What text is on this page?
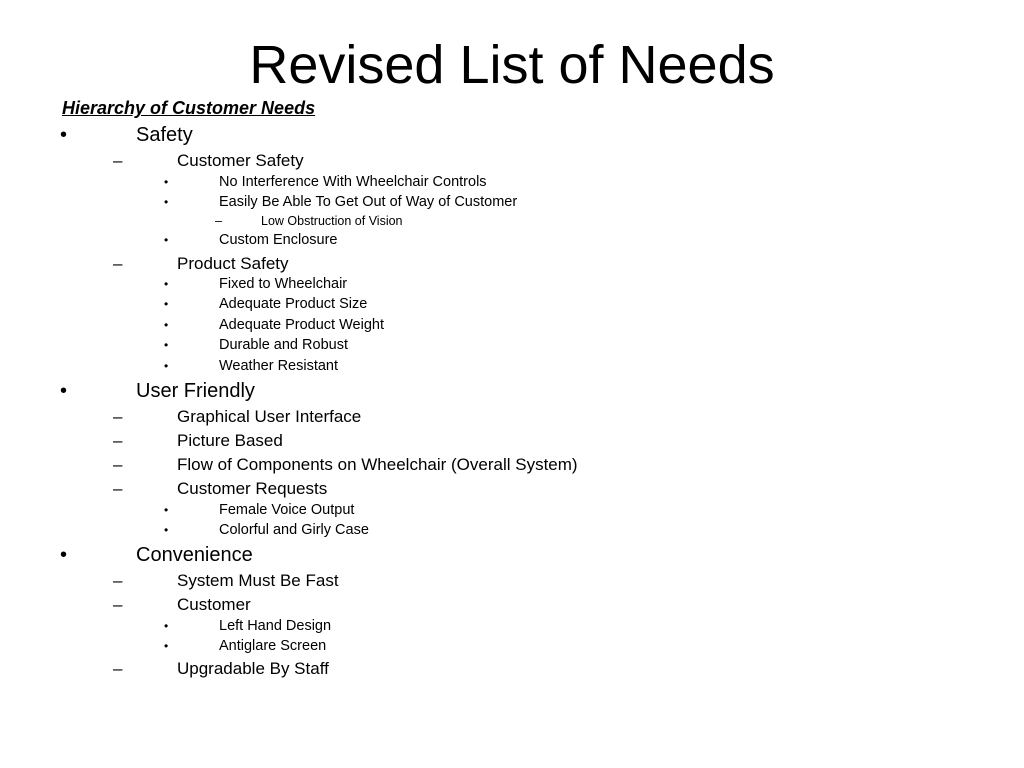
Revised List of Needs
Hierarchy of Customer Needs
•	Safety
–	Customer Safety
•	No Interference With Wheelchair Controls
•	Easily Be Able To Get Out of Way of Customer
–	Low Obstruction of Vision
•	Custom Enclosure
–	Product Safety
•	Fixed to Wheelchair
•	Adequate Product Size
•	Adequate Product Weight
•	Durable and Robust
•	Weather Resistant
•	User Friendly
–	Graphical User Interface
–	Picture Based
–	Flow of Components on Wheelchair (Overall System)
–	Customer Requests
•	Female Voice Output
•	Colorful and Girly Case
•	Convenience
–	System Must Be Fast
–	Customer
•	Left Hand Design
•	Antiglare Screen
–	Upgradable By Staff
